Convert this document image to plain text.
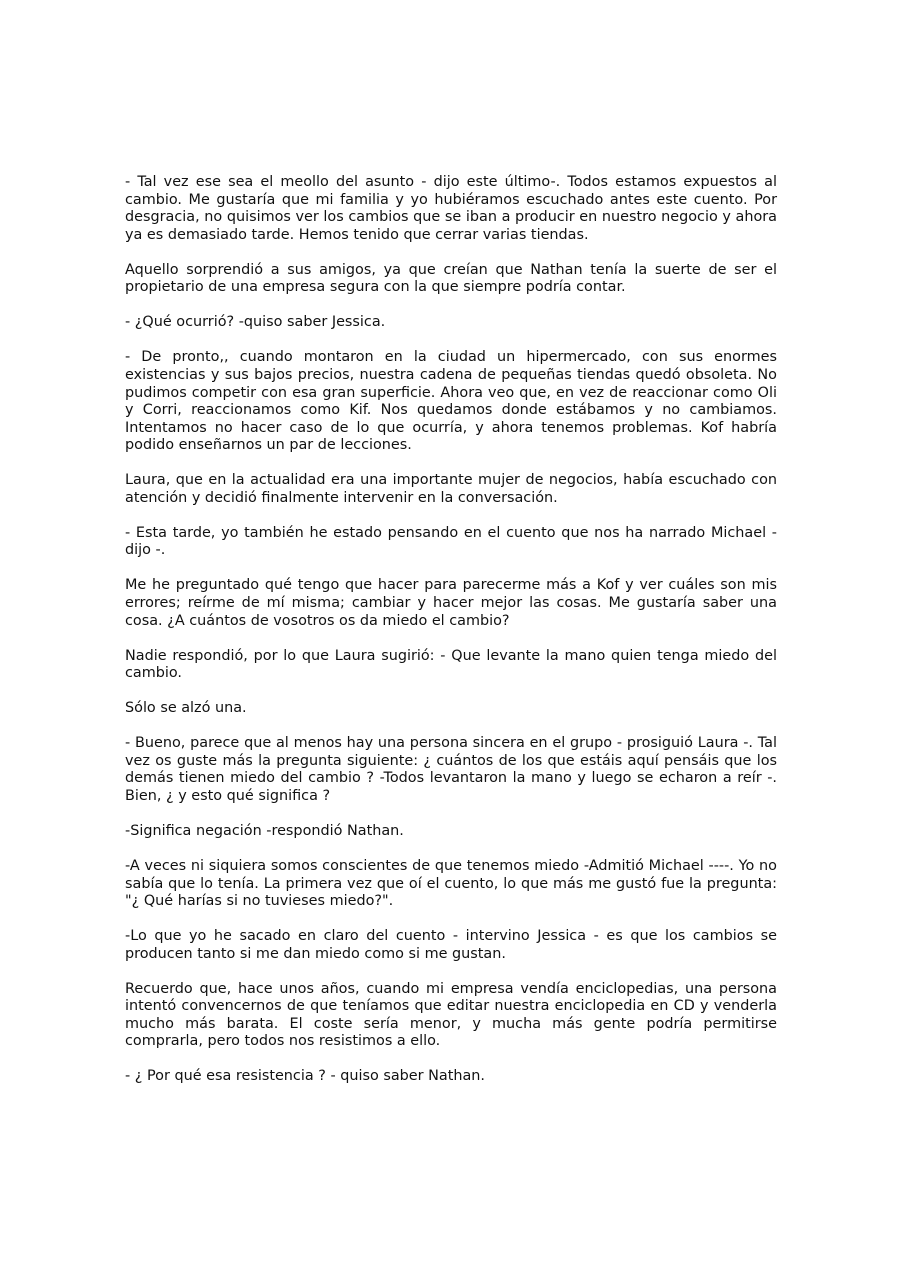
- Tal vez ese sea el meollo del asunto - dijo este último-. Todos estamos expuestos al cambio. Me gustaría que mi familia y yo hubiéramos escuchado antes este cuento. Por desgracia, no quisimos ver los cambios que se iban a producir en nuestro negocio y ahora ya es demasiado tarde. Hemos tenido que cerrar varias tiendas.

Aquello sorprendió a sus amigos, ya que creían que Nathan tenía la suerte de ser el propietario de una empresa segura con la que siempre podría contar.

- ¿Qué ocurrió? -quiso saber Jessica.

- De pronto,, cuando montaron en la ciudad un hipermercado, con sus enormes existencias y sus bajos precios, nuestra cadena de pequeñas tiendas quedó obsoleta. No pudimos competir con esa gran superficie. Ahora veo que, en vez de reaccionar como Oli y Corri, reaccionamos como Kif. Nos quedamos donde estábamos y no cambiamos. Intentamos no hacer caso de lo que ocurría, y ahora tenemos problemas. Kof habría podido enseñarnos un par de lecciones.

Laura, que en la actualidad era una importante mujer de negocios, había escuchado con atención y decidió finalmente intervenir en la conversación.

- Esta tarde, yo también he estado pensando en el cuento que nos ha narrado Michael - dijo -.

Me he preguntado qué tengo que hacer para parecerme más a Kof y ver cuáles son mis errores; reírme de mí misma; cambiar y hacer mejor las cosas. Me gustaría saber una cosa. ¿A cuántos de vosotros os da miedo el cambio?

Nadie respondió, por lo que Laura sugirió: - Que levante la mano quien tenga miedo del cambio.

Sólo se alzó una.

- Bueno, parece que al menos hay una persona sincera en el grupo - prosiguió Laura -. Tal vez os guste más la pregunta siguiente: ¿ cuántos de los que estáis aquí pensáis que los demás tienen miedo del cambio ? -Todos levantaron la mano y luego se echaron a reír -. Bien, ¿ y esto qué significa ?

-Significa negación -respondió Nathan.

-A veces ni siquiera somos conscientes de que tenemos miedo -Admitió Michael ----. Yo no sabía que lo tenía. La primera vez que oí el cuento, lo que más me gustó fue la pregunta: "¿ Qué harías si no tuvieses miedo?".

-Lo que yo he sacado en claro del cuento - intervino Jessica - es que los cambios se producen tanto si me dan miedo como si me gustan.

Recuerdo que, hace unos años, cuando mi empresa vendía enciclopedias, una persona intentó convencernos de que teníamos que editar nuestra enciclopedia en CD y venderla mucho más barata. El coste sería menor, y mucha más gente podría permitirse comprarla, pero todos nos resistimos a ello.

- ¿ Por qué esa resistencia ? - quiso saber Nathan.
